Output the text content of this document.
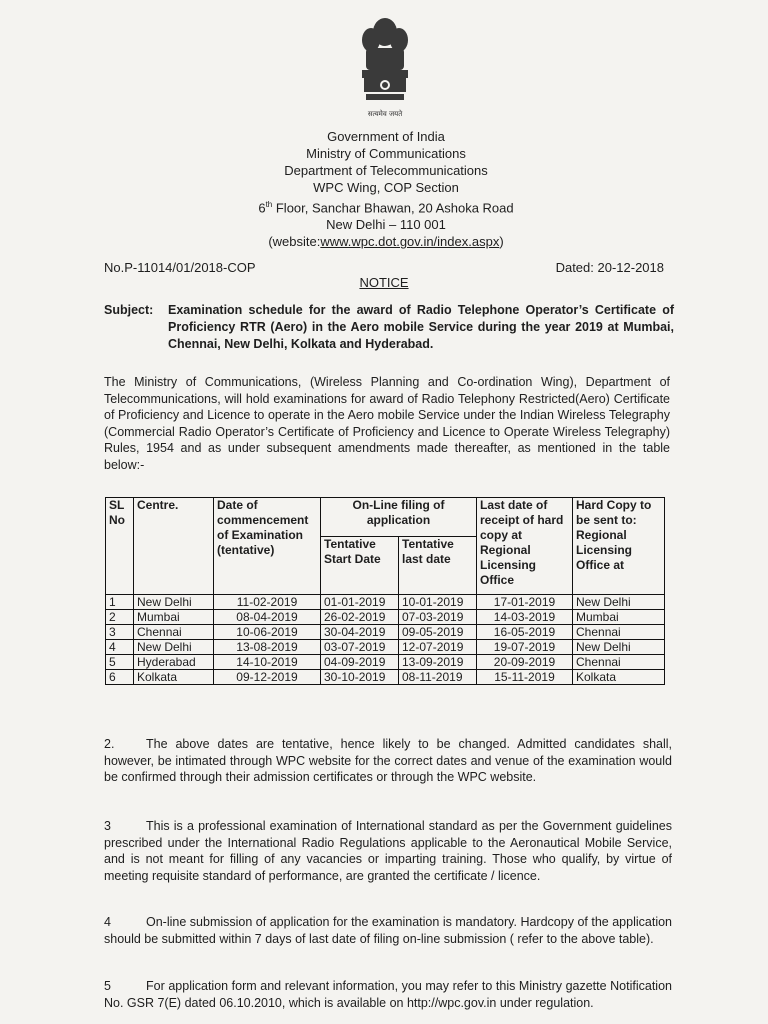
सत्यमेव जयते
Government of India
Ministry of Communications
Department of Telecommunications
WPC Wing, COP Section
6th Floor, Sanchar Bhawan, 20 Ashoka Road
New Delhi – 110 001
(website:www.wpc.dot.gov.in/index.aspx)
No.P-11014/01/2018-COP	Dated: 20-12-2018
NOTICE
Subject: Examination schedule for the award of Radio Telephone Operator’s Certificate of Proficiency RTR (Aero) in the Aero mobile Service during the year 2019 at Mumbai, Chennai, New Delhi, Kolkata and Hyderabad.
The Ministry of Communications, (Wireless Planning and Co-ordination Wing), Department of Telecommunications, will hold examinations for award of Radio Telephony Restricted(Aero) Certificate of Proficiency and Licence to operate in the Aero mobile Service under the Indian Wireless Telegraphy (Commercial Radio Operator’s Certificate of Proficiency and Licence to Operate Wireless Telegraphy) Rules, 1954 and as under subsequent amendments made thereafter, as mentioned in the table below:-
SL No	Centre.	Date of commencement of Examination (tentative)	On-Line filing of application		Last date of receipt of hard copy at Regional Licensing Office	Hard Copy to be sent to: Regional Licensing Office at
			Tentative Start Date	Tentative last date		
1	New Delhi	11-02-2019	01-01-2019	10-01-2019	17-01-2019	New Delhi
2	Mumbai	08-04-2019	26-02-2019	07-03-2019	14-03-2019	Mumbai
3	Chennai	10-06-2019	30-04-2019	09-05-2019	16-05-2019	Chennai
4	New Delhi	13-08-2019	03-07-2019	12-07-2019	19-07-2019	New Delhi
5	Hyderabad	14-10-2019	04-09-2019	13-09-2019	20-09-2019	Chennai
6	Kolkata	09-12-2019	30-10-2019	08-11-2019	15-11-2019	Kolkata
2.	The above dates are tentative, hence likely to be changed. Admitted candidates shall, however, be intimated through WPC website for the correct dates and venue of the examination would be confirmed through their admission certificates or through the WPC website.
3	This is a professional examination of International standard as per the Government guidelines prescribed under the International Radio Regulations applicable to the Aeronautical Mobile Service, and is not meant for filling of any vacancies or imparting training. Those who qualify, by virtue of meeting requisite standard of performance, are granted the certificate / licence.
4	On-line submission of application for the examination is mandatory. Hardcopy of the application should be submitted within 7 days of last date of filing on-line submission ( refer to the above table).
5	For application form and relevant information, you may refer to this Ministry gazette Notification No. GSR 7(E) dated 06.10.2010, which is available on http://wpc.gov.in under regulation.
